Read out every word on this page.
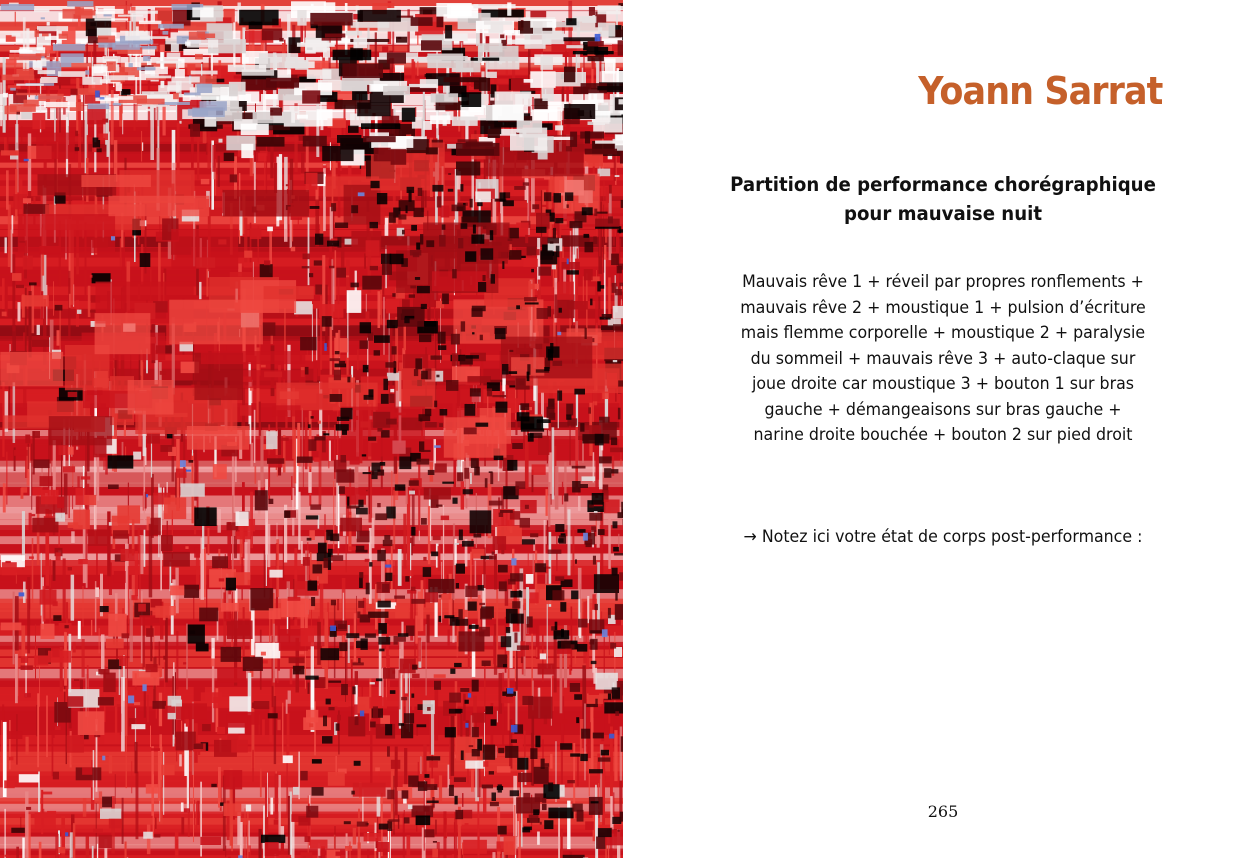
Yoann Sarrat
Partition de performance chorégraphique
pour mauvaise nuit
Mauvais rêve 1 + réveil par propres ronflements +
mauvais rêve 2 + moustique 1 + pulsion d’écriture
mais flemme corporelle + moustique 2 + paralysie
du sommeil + mauvais rêve 3 + auto-claque sur
joue droite car moustique 3 + bouton 1 sur bras
gauche + démangeaisons sur bras gauche +
narine droite bouchée + bouton 2 sur pied droit

→ Notez ici votre état de corps post-performance :

265
